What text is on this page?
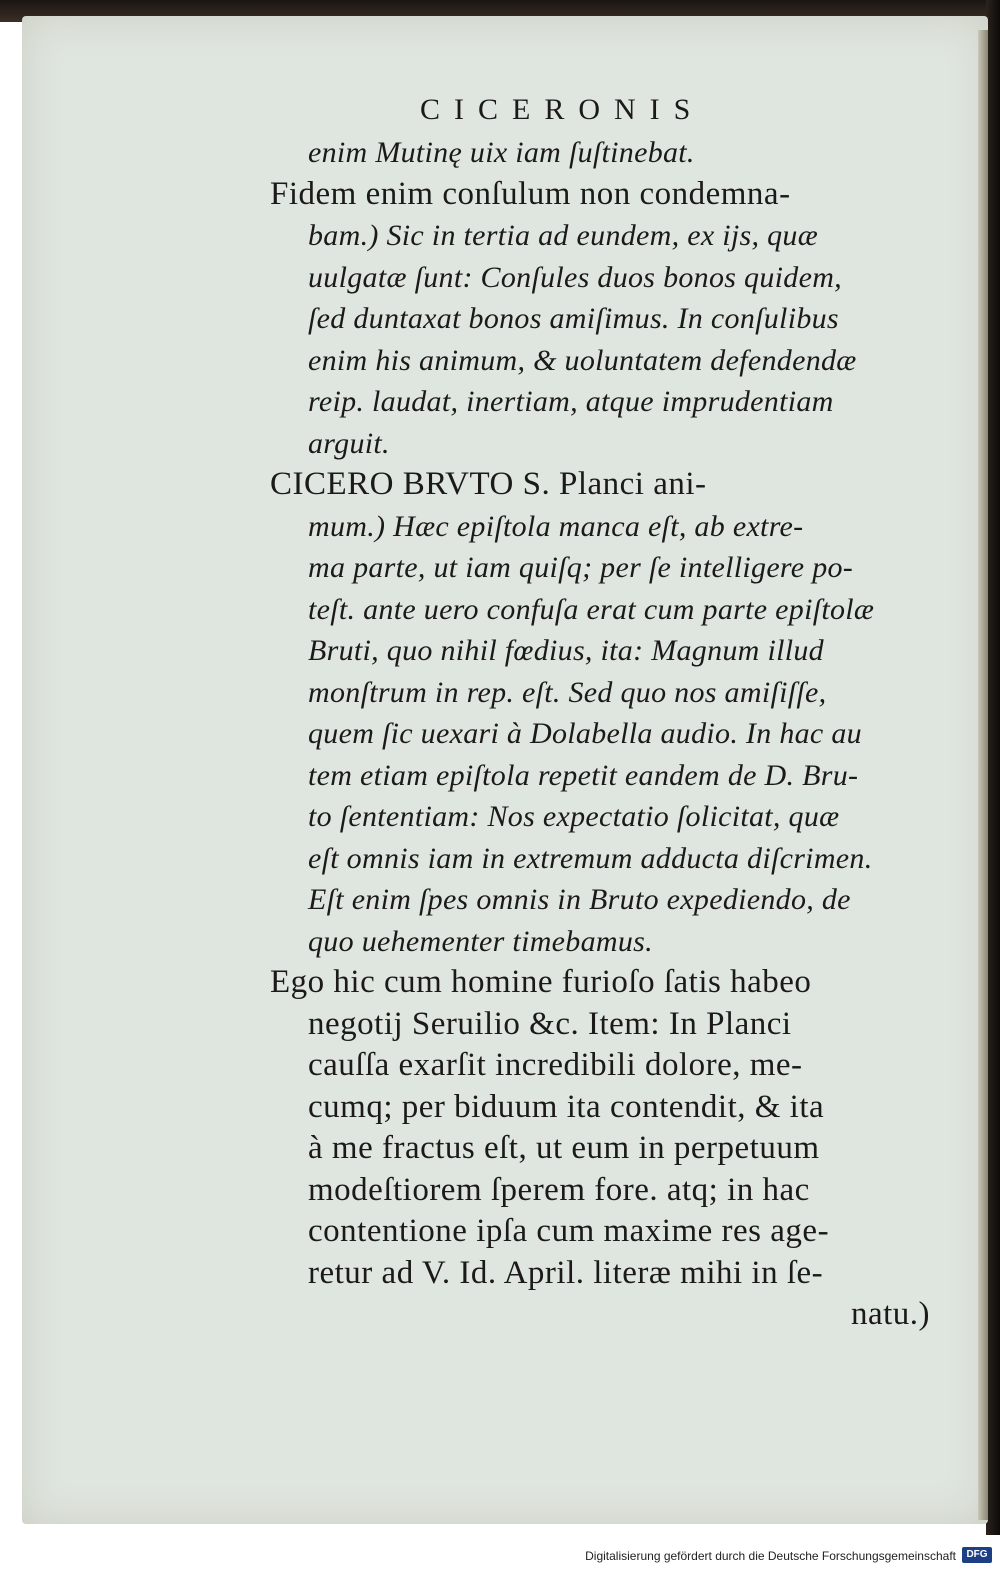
CICERONIS
enim Mutinę uix iam ſuſtinebat.
Fidem enim conſulum non condemna-
bam.) Sic in tertia ad eundem, ex ijs, quæ
uulgatæ ſunt: Conſules duos bonos quidem,
ſed duntaxat bonos amiſimus. In conſulibus
enim his animum, & uoluntatem defendendæ
reip. laudat, inertiam, atque imprudentiam
arguit.
CICERO BRVTO S. Planci ani-
mum.) Hæc epiſtola manca eſt, ab extre-
ma parte, ut iam quiſq; per ſe intelligere po-
teſt. ante uero confuſa erat cum parte epiſtolæ
Bruti, quo nihil fœdius, ita: Magnum illud
monſtrum in rep. eſt. Sed quo nos amiſiſſe,
quem ſic uexari à Dolabella audio. In hac au
tem etiam epiſtola repetit eandem de D. Bru-
to ſententiam: Nos expectatio ſolicitat, quæ
eſt omnis iam in extremum adducta diſcrimen.
Eſt enim ſpes omnis in Bruto expediendo, de
quo uehementer timebamus.
Ego hic cum homine furioſo ſatis habeo
negotij Seruilio &c. Item: In Planci
cauſſa exarſit incredibili dolore, me-
cumq; per biduum ita contendit, & ita
à me fractus eſt, ut eum in perpetuum
modeſtiorem ſperem fore. atq; in hac
contentione ipſa cum maxime res age-
retur ad V. Id. April. literæ mihi in ſe-
natu.)
Digitalisierung gefördert durch die Deutsche Forschungsgemeinschaft	DFG
